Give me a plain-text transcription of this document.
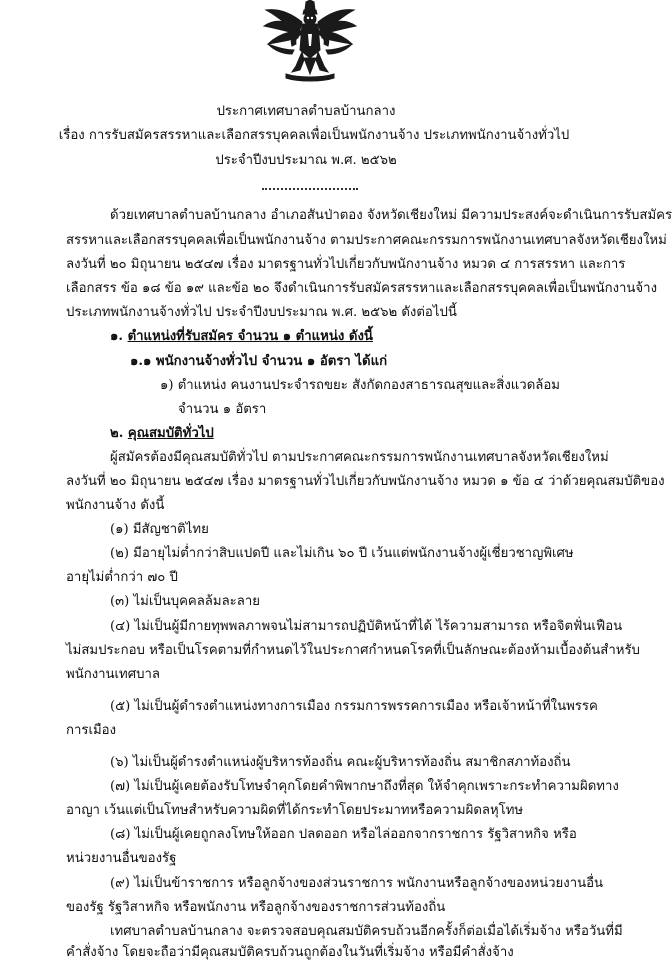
ประกาศเทศบาลตำบลบ้านกลาง
เรื่อง การรับสมัครสรรหาและเลือกสรรบุคคลเพื่อเป็นพนักงานจ้าง ประเภทพนักงานจ้างทั่วไป
ประจำปีงบประมาณ พ.ศ. ๒๕๖๒
ด้วยเทศบาลตำบลบ้านกลาง อำเภอสันป่าตอง จังหวัดเชียงใหม่ มีความประสงค์จะดำเนินการรับสมัคร
สรรหาและเลือกสรรบุคคลเพื่อเป็นพนักงานจ้าง ตามประกาศคณะกรรมการพนักงานเทศบาลจังหวัดเชียงใหม่
ลงวันที่ ๒๐ มิถุนายน ๒๕๔๗ เรื่อง มาตรฐานทั่วไปเกี่ยวกับพนักงานจ้าง หมวด ๔ การสรรหา และการ
เลือกสรร ข้อ ๑๘ ข้อ ๑๙ และข้อ ๒๐ จึงดำเนินการรับสมัครสรรหาและเลือกสรรบุคคลเพื่อเป็นพนักงานจ้าง
ประเภทพนักงานจ้างทั่วไป ประจำปีงบประมาณ พ.ศ. ๒๕๖๒ ดังต่อไปนี้
๑. ตำแหน่งที่รับสมัคร จำนวน ๑ ตำแหน่ง ดังนี้
๑.๑ พนักงานจ้างทั่วไป จำนวน ๑ อัตรา ได้แก่
๑) ตำแหน่ง คนงานประจำรถขยะ สังกัดกองสาธารณสุขและสิ่งแวดล้อม
จำนวน ๑ อัตรา
๒. คุณสมบัติทั่วไป
ผู้สมัครต้องมีคุณสมบัติทั่วไป ตามประกาศคณะกรรมการพนักงานเทศบาลจังหวัดเชียงใหม่
ลงวันที่ ๒๐ มิถุนายน ๒๕๔๗ เรื่อง มาตรฐานทั่วไปเกี่ยวกับพนักงานจ้าง หมวด ๑ ข้อ ๔ ว่าด้วยคุณสมบัติของ
พนักงานจ้าง ดังนี้
(๑) มีสัญชาติไทย
(๒) มีอายุไม่ต่ำกว่าสิบแปดปี และไม่เกิน ๖๐ ปี เว้นแต่พนักงานจ้างผู้เชี่ยวชาญพิเศษ
อายุไม่ต่ำกว่า ๗๐ ปี
(๓) ไม่เป็นบุคคลล้มละลาย
(๔) ไม่เป็นผู้มีกายทุพพลภาพจนไม่สามารถปฏิบัติหน้าที่ได้ ไร้ความสามารถ หรือจิตฟั่นเฟือน
ไม่สมประกอบ หรือเป็นโรคตามที่กำหนดไว้ในประกาศกำหนดโรคที่เป็นลักษณะต้องห้ามเบื้องต้นสำหรับ
พนักงานเทศบาล
(๕) ไม่เป็นผู้ดำรงตำแหน่งทางการเมือง กรรมการพรรคการเมือง หรือเจ้าหน้าที่ในพรรค
การเมือง
(๖) ไม่เป็นผู้ดำรงตำแหน่งผู้บริหารท้องถิ่น คณะผู้บริหารท้องถิ่น สมาชิกสภาท้องถิ่น
(๗) ไม่เป็นผู้เคยต้องรับโทษจำคุกโดยคำพิพากษาถึงที่สุด ให้จำคุกเพราะกระทำความผิดทาง
อาญา เว้นแต่เป็นโทษสำหรับความผิดที่ได้กระทำโดยประมาทหรือความผิดลหุโทษ
(๘) ไม่เป็นผู้เคยถูกลงโทษให้ออก ปลดออก หรือไล่ออกจากราชการ รัฐวิสาหกิจ หรือ
หน่วยงานอื่นของรัฐ
(๙) ไม่เป็นข้าราชการ หรือลูกจ้างของส่วนราชการ พนักงานหรือลูกจ้างของหน่วยงานอื่น
ของรัฐ รัฐวิสาหกิจ หรือพนักงาน หรือลูกจ้างของราชการส่วนท้องถิ่น
เทศบาลตำบลบ้านกลาง จะตรวจสอบคุณสมบัติครบถ้วนอีกครั้งก็ต่อเมื่อได้เริ่มจ้าง หรือวันที่มี
คำสั่งจ้าง โดยจะถือว่ามีคุณสมบัติครบถ้วนถูกต้องในวันที่เริ่มจ้าง หรือมีคำสั่งจ้าง
